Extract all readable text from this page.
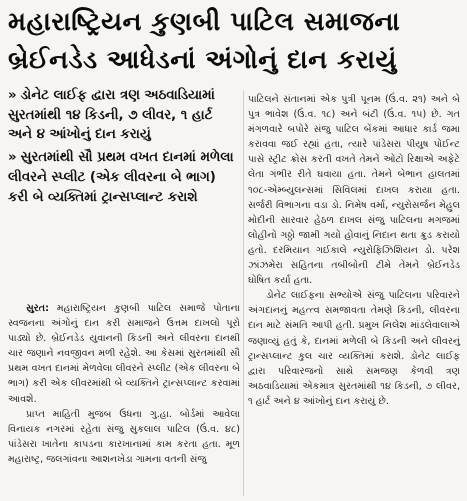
મહારાષ્ટ્રિયન કુણબી પાટિલ સમાજના
બ્રેઈનડેડ આધેડનાં અંગોનું દાન કરાયું
» ડોનેટ લાઈફ દ્વારા ત્રણ અઠવાડિયામાં સુરતમાંથી ૧૪ કિડની, ૭ લીવર, ૧ હાર્ટ અને ૪ આંખોનું દાન કરાયું
» સુરતમાંથી સૌ પ્રથમ વખત દાનમાં મળેલા લીવરને સ્પ્લીટ (એક લીવરના બે ભાગ) કરી બે વ્યક્તિમાં ટ્રાન્સપ્લાન્ટ કરાશે

સુરત: મહારાષ્ટ્રિયન કુણબી પાટિલ સમાજે પોતાના સ્વજનના અંગોનું દાન કરી સમાજને ઉત્તમ દાખલો પૂરો પાડ્યો છે. બ્રેઈનડેડ યુવાનની કિડની અને લીવરના દાનથી ચાર જણાને નવજીવન મળી રહેશે. આ કેસમાં સુરતમાંથી સૌ પ્રથમ વખત દાનમાં મેળવેલા લીવરને સ્પ્લીટ (એક લીવરના બે ભાગ) કરી એક લીવરમાંથી બે વ્યક્તિને ટ્રાન્સપ્લાન્ટ કરવામાં આવશે.

પ્રાપ્ત માહિતી મુજબ ઉધના ગુ.હા. બોર્ડમાં આવેલા વિનાયક નગરમાં રહેતા સંજુ સુકલાલ પાટિલ (ઉં.વ. ૪૮) પાંડેસરા ખાતેના કાપડના કારખાનામાં કામ કરતા હતા. મૂળ મહારાષ્ટ્ર, જલગાંવના આશનખેડા ગામના વતની સંજુ

પાટિલને સંતાનમાં એક પુત્રી પૂનમ (ઉં.વ. ૨૧) અને બે પુત્ર ભાવેશ (ઉં.વ. ૧૮) અને બંટી (ઉં.વ. ૧૫) છે. ગત મંગળવારે બપોરે સંજુ પાટિલ બેંકમાં આધાર કાર્ડ જમા કરાવવા જઈ રહ્યાં હતા, ત્યારે પાંડેસરા પીયુષ પોઈન્ટ પાસે સ્ટ્રીટ ક્રોસ કરતી વખતે તેમને ઓટો રિક્ષાએ અફેટે લેતા ગંભીર રીતે ઘવાયા હતા. તેમને બેભાન હાલતમાં ૧૦૮-એમ્બ્યુલન્સમાં સિવિલમાં દાખલ કરાયા હતા. સર્જરી વિભાગના વડા ડો. નિમેષ વર્મા, ન્યુરોસર્જન મેહુલ મોદીની સારવાર હેઠળ દાખલ સંજુ પાટિલના મગજમાં લોહીનો ગઠ્ઠો જામી ગયો હોવાનું નિદાન થતા ક્રુડ કરાયો હતો. દરમિયાન ગઈકાલે ન્યુરોફિઝિશિયન ડો. પરેશ ઝાંઝમેરા સહિતના તબીબોની ટીમે તેમને બ્રેઈનડેડ ઘોષિત કર્યા હતા.

ડોનેટ લાઈફના સભ્યોએ સંજુ પાટિલના પરિવારને અંગદાનનું મહત્ત્વ સમજાવતા તેમણે કિડની, લીવરના દાન માટે સંમતિ આપી હતી. પ્રમુખ નિલેશ માંડલેવાલાએ જણાવ્યું હતું કે, દાનમાં મળેલી બે કિડની અને લીવરનું ટ્રાન્સપ્લાન્ટ કુલ ચાર વ્યક્તિમાં કરાશે. ડોનેટ લાઈફ દ્વારા પરિવારજનો સાથે સમજણ કેળવી ત્રણ અઠવાડિયામાં એકમાત્ર સુરતમાંથી ૧૪ કિડની, ૭ લીવર, ૧ હાર્ટ અને ૪ આંખોનું દાન કરાયું છે.
